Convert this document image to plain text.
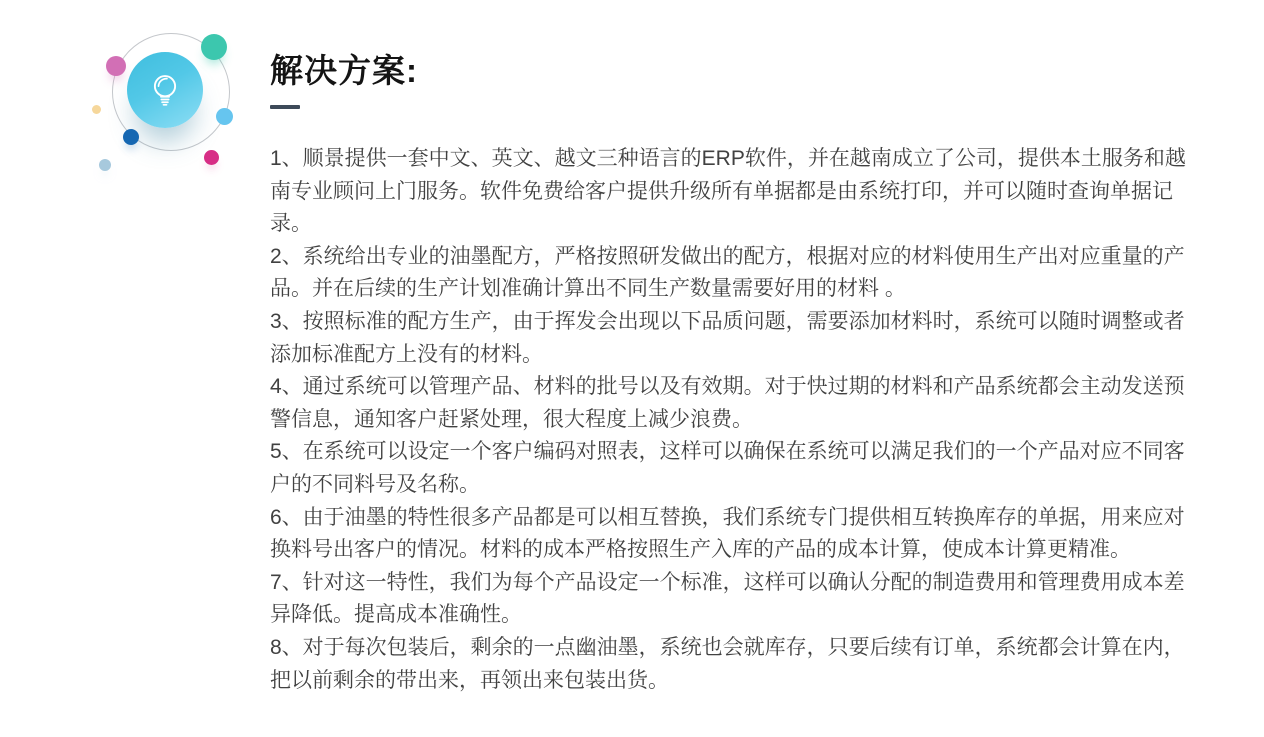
解决方案:

1、顺景提供一套中文、英文、越文三种语言的ERP软件，并在越南成立了公司，提供本土服务和越南专业顾问上门服务。软件免费给客户提供升级所有单据都是由系统打印，并可以随时查询单据记录。

2、系统给出专业的油墨配方，严格按照研发做出的配方，根据对应的材料使用生产出对应重量的产品。并在后续的生产计划准确计算出不同生产数量需要好用的材料 。

3、按照标准的配方生产，由于挥发会出现以下品质问题，需要添加材料时，系统可以随时调整或者添加标准配方上没有的材料。

4、通过系统可以管理产品、材料的批号以及有效期。对于快过期的材料和产品系统都会主动发送预警信息，通知客户赶紧处理，很大程度上减少浪费。

5、在系统可以设定一个客户编码对照表，这样可以确保在系统可以满足我们的一个产品对应不同客户的不同料号及名称。

6、由于油墨的特性很多产品都是可以相互替换，我们系统专门提供相互转换库存的单据，用来应对换料号出客户的情况。材料的成本严格按照生产入库的产品的成本计算，使成本计算更精准。

7、针对这一特性，我们为每个产品设定一个标准，这样可以确认分配的制造费用和管理费用成本差异降低。提高成本准确性。

8、对于每次包装后，剩余的一点幽油墨，系统也会就库存，只要后续有订单，系统都会计算在内，把以前剩余的带出来，再领出来包装出货。
